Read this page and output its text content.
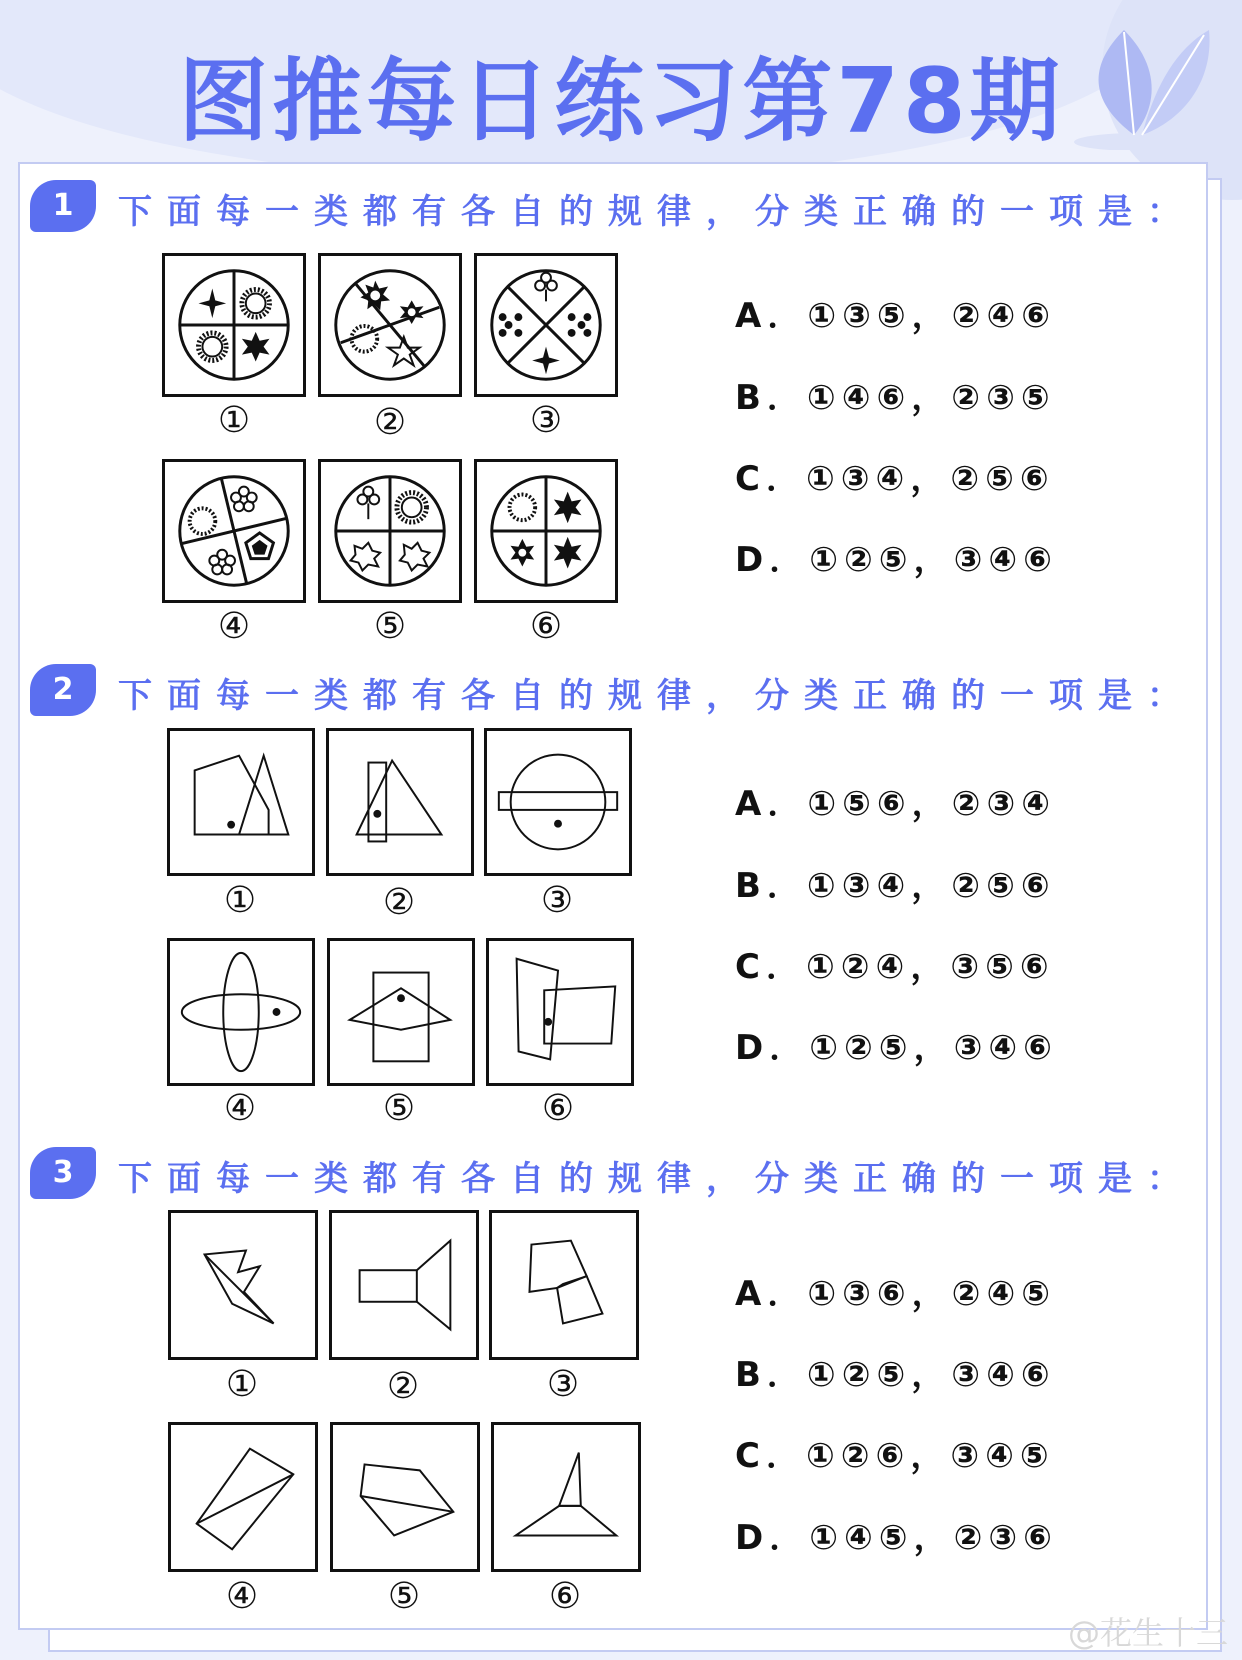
图推每日练习第78期
1	下面每一类都有各自的规律，分类正确的一项是：
①	②	③
④	⑤	⑥
A．①③⑤，②④⑥
B．①④⑥，②③⑤
C．①③④，②⑤⑥
D．①②⑤，③④⑥
2	下面每一类都有各自的规律，分类正确的一项是：
①	②	③
④	⑤	⑥
A．①⑤⑥，②③④
B．①③④，②⑤⑥
C．①②④，③⑤⑥
D．①②⑤，③④⑥
3	下面每一类都有各自的规律，分类正确的一项是：
①	②	③
④	⑤	⑥
A．①③⑥，②④⑤
B．①②⑤，③④⑥
C．①②⑥，③④⑤
D．①④⑤，②③⑥
@花生十三
